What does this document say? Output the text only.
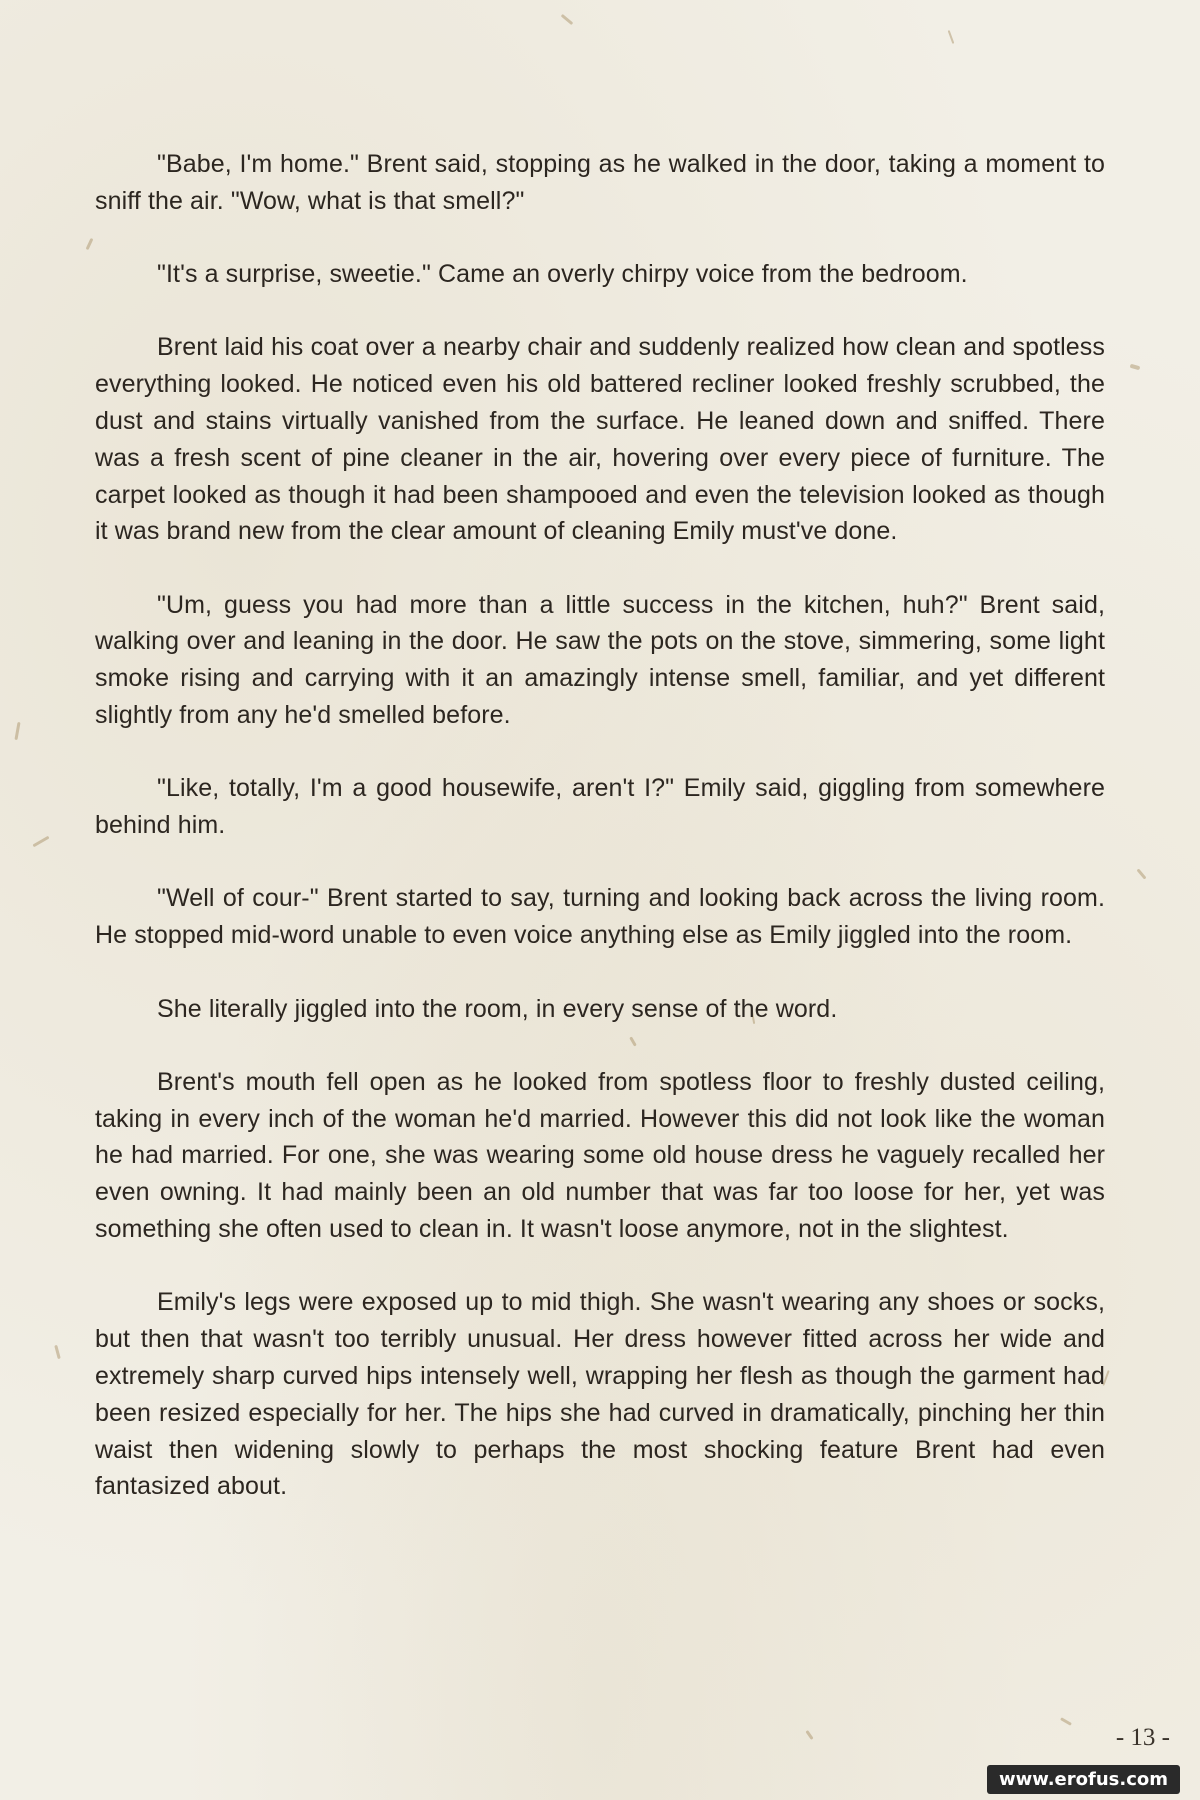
"Babe, I'm home." Brent said, stopping as he walked in the door, taking a moment to sniff the air. "Wow, what is that smell?"

"It's a surprise, sweetie." Came an overly chirpy voice from the bedroom.

Brent laid his coat over a nearby chair and suddenly realized how clean and spotless everything looked. He noticed even his old battered recliner looked freshly scrubbed, the dust and stains virtually vanished from the surface. He leaned down and sniffed. There was a fresh scent of pine cleaner in the air, hovering over every piece of furniture. The carpet looked as though it had been shampooed and even the television looked as though it was brand new from the clear amount of cleaning Emily must've done.

"Um, guess you had more than a little success in the kitchen, huh?" Brent said, walking over and leaning in the door. He saw the pots on the stove, simmering, some light smoke rising and carrying with it an amazingly intense smell, familiar, and yet different slightly from any he'd smelled before.

"Like, totally, I'm a good housewife, aren't I?" Emily said, giggling from somewhere behind him.

"Well of cour-" Brent started to say, turning and looking back across the living room. He stopped mid-word unable to even voice anything else as Emily jiggled into the room.

She literally jiggled into the room, in every sense of the word.

Brent's mouth fell open as he looked from spotless floor to freshly dusted ceiling, taking in every inch of the woman he'd married. However this did not look like the woman he had married. For one, she was wearing some old house dress he vaguely recalled her even owning. It had mainly been an old number that was far too loose for her, yet was something she often used to clean in. It wasn't loose anymore, not in the slightest.

Emily's legs were exposed up to mid thigh. She wasn't wearing any shoes or socks, but then that wasn't too terribly unusual. Her dress however fitted across her wide and extremely sharp curved hips intensely well, wrapping her flesh as though the garment had been resized especially for her. The hips she had curved in dramatically, pinching her thin waist then widening slowly to perhaps the most shocking feature Brent had even fantasized about.

- 13 -
www.erofus.com
